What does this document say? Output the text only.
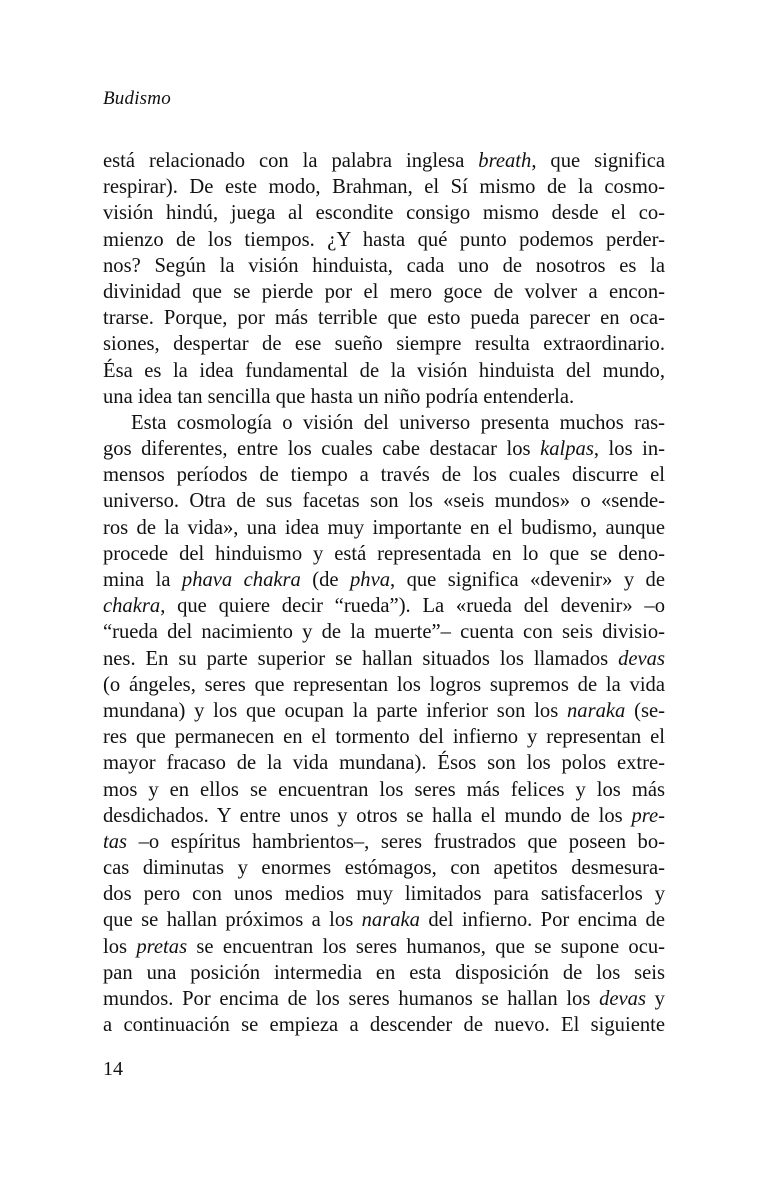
Budismo
está relacionado con la palabra inglesa breath, que significa
respirar). De este modo, Brahman, el Sí mismo de la cosmo-
visión hindú, juega al escondite consigo mismo desde el co-
mienzo de los tiempos. ¿Y hasta qué punto podemos perder-
nos? Según la visión hinduista, cada uno de nosotros es la
divinidad que se pierde por el mero goce de volver a encon-
trarse. Porque, por más terrible que esto pueda parecer en oca-
siones, despertar de ese sueño siempre resulta extraordinario.
Ésa es la idea fundamental de la visión hinduista del mundo,
una idea tan sencilla que hasta un niño podría entenderla.
Esta cosmología o visión del universo presenta muchos ras-
gos diferentes, entre los cuales cabe destacar los kalpas, los in-
mensos períodos de tiempo a través de los cuales discurre el
universo. Otra de sus facetas son los «seis mundos» o «sende-
ros de la vida», una idea muy importante en el budismo, aunque
procede del hinduismo y está representada en lo que se deno-
mina la phava chakra (de phva, que significa «devenir» y de
chakra, que quiere decir “rueda”). La «rueda del devenir» –o
“rueda del nacimiento y de la muerte”– cuenta con seis divisio-
nes. En su parte superior se hallan situados los llamados devas
(o ángeles, seres que representan los logros supremos de la vida
mundana) y los que ocupan la parte inferior son los naraka (se-
res que permanecen en el tormento del infierno y representan el
mayor fracaso de la vida mundana). Ésos son los polos extre-
mos y en ellos se encuentran los seres más felices y los más
desdichados. Y entre unos y otros se halla el mundo de los pre-
tas –o espíritus hambrientos–, seres frustrados que poseen bo-
cas diminutas y enormes estómagos, con apetitos desmesura-
dos pero con unos medios muy limitados para satisfacerlos y
que se hallan próximos a los naraka del infierno. Por encima de
los pretas se encuentran los seres humanos, que se supone ocu-
pan una posición intermedia en esta disposición de los seis
mundos. Por encima de los seres humanos se hallan los devas y
a continuación se empieza a descender de nuevo. El siguiente
14
